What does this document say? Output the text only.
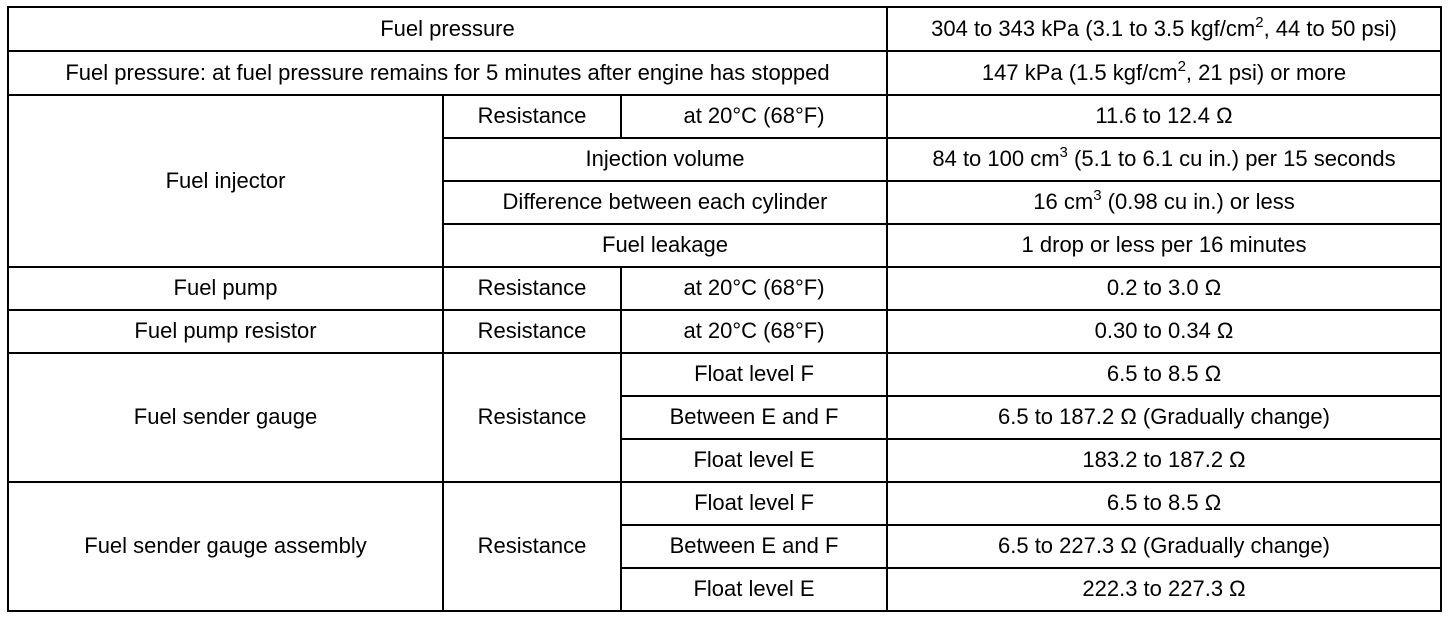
Fuel pressure			304 to 343 kPa (3.1 to 3.5 kgf/$cm^2$, 44 to 50 psi)
Fuel pressure: at fuel pressure remains for 5 minutes after engine has stopped			147 kPa (1.5 kgf/$cm^2$, 21 psi) or more
Fuel injector	Resistance	at 20°C (68°F)	11.6 to 12.4 Ω
	Injection volume		84 to 100 $cm^3$ (5.1 to 6.1 cu in.) per 15 seconds
	Difference between each cylinder		16 $cm^3$ (0.98 cu in.) or less
	Fuel leakage		1 drop or less per 16 minutes
Fuel pump	Resistance	at 20°C (68°F)	0.2 to 3.0 Ω
Fuel pump resistor	Resistance	at 20°C (68°F)	0.30 to 0.34 Ω
Fuel sender gauge	Resistance	Float level F	6.5 to 8.5 Ω
		Between E and F	6.5 to 187.2 Ω (Gradually change)
		Float level E	183.2 to 187.2 Ω
Fuel sender gauge assembly	Resistance	Float level F	6.5 to 8.5 Ω
		Between E and F	6.5 to 227.3 Ω (Gradually change)
		Float level E	222.3 to 227.3 Ω
